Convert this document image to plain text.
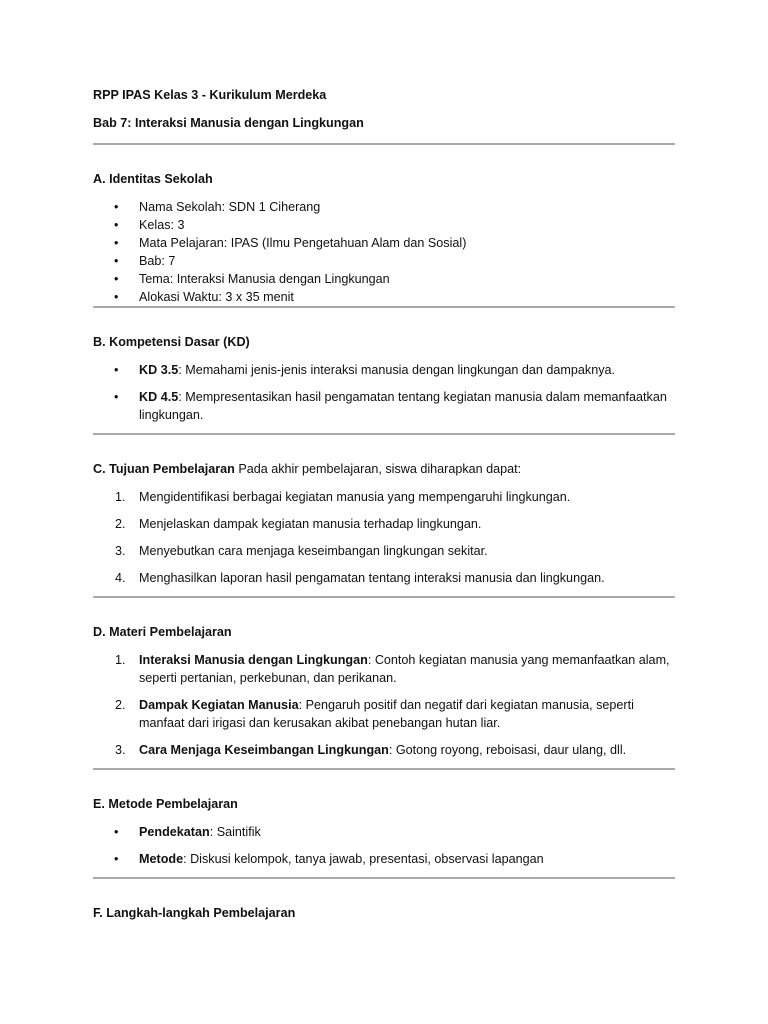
RPP IPAS Kelas 3 - Kurikulum Merdeka
Bab 7: Interaksi Manusia dengan Lingkungan
A. Identitas Sekolah
• Nama Sekolah: SDN 1 Ciherang
• Kelas: 3
• Mata Pelajaran: IPAS (Ilmu Pengetahuan Alam dan Sosial)
• Bab: 7
• Tema: Interaksi Manusia dengan Lingkungan
• Alokasi Waktu: 3 x 35 menit
B. Kompetensi Dasar (KD)
• KD 3.5: Memahami jenis-jenis interaksi manusia dengan lingkungan dan dampaknya.
• KD 4.5: Mempresentasikan hasil pengamatan tentang kegiatan manusia dalam memanfaatkan lingkungan.
C. Tujuan Pembelajaran Pada akhir pembelajaran, siswa diharapkan dapat:
1. Mengidentifikasi berbagai kegiatan manusia yang mempengaruhi lingkungan.
2. Menjelaskan dampak kegiatan manusia terhadap lingkungan.
3. Menyebutkan cara menjaga keseimbangan lingkungan sekitar.
4. Menghasilkan laporan hasil pengamatan tentang interaksi manusia dan lingkungan.
D. Materi Pembelajaran
1. Interaksi Manusia dengan Lingkungan: Contoh kegiatan manusia yang memanfaatkan alam, seperti pertanian, perkebunan, dan perikanan.
2. Dampak Kegiatan Manusia: Pengaruh positif dan negatif dari kegiatan manusia, seperti manfaat dari irigasi dan kerusakan akibat penebangan hutan liar.
3. Cara Menjaga Keseimbangan Lingkungan: Gotong royong, reboisasi, daur ulang, dll.
E. Metode Pembelajaran
• Pendekatan: Saintifik
• Metode: Diskusi kelompok, tanya jawab, presentasi, observasi lapangan
F. Langkah-langkah Pembelajaran
